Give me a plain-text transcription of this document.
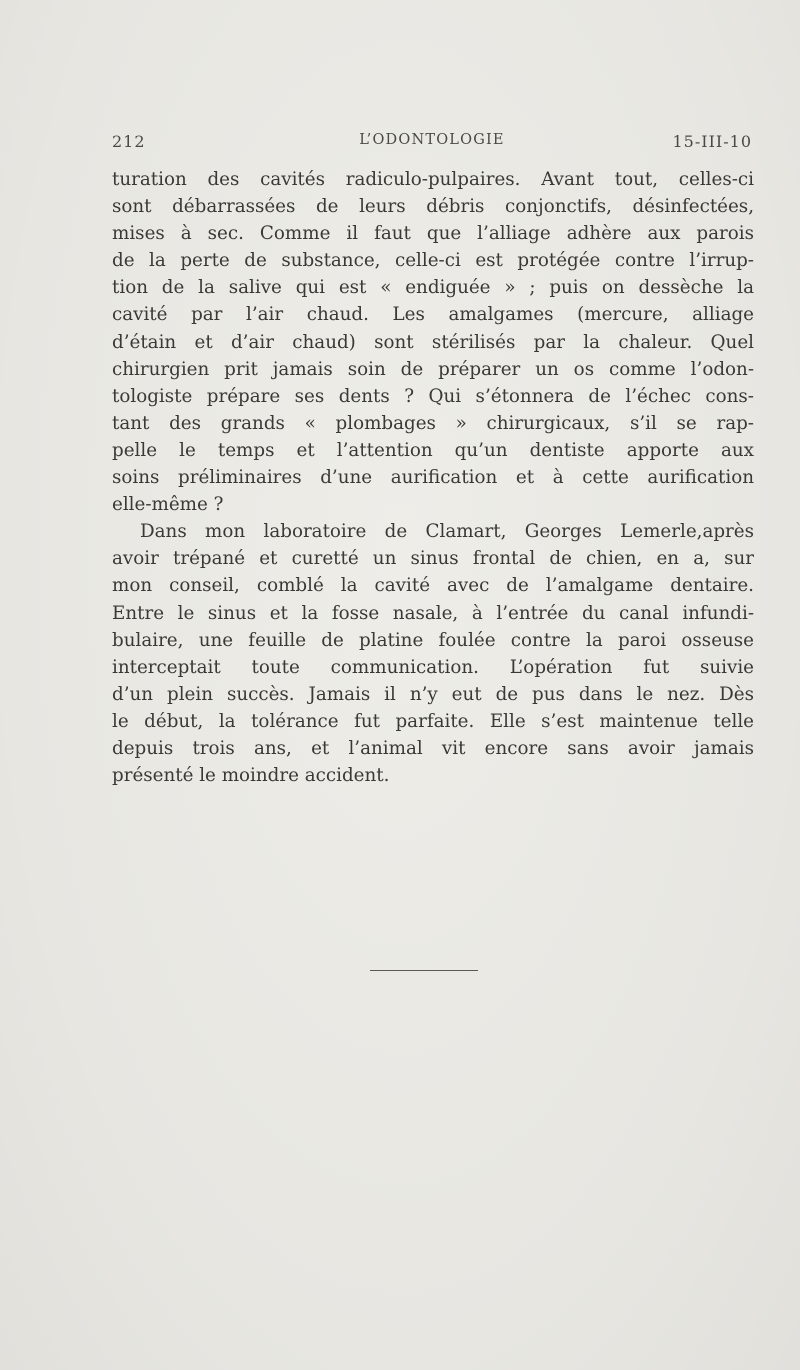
212	L’ODONTOLOGIE	15-III-10
turation des cavités radiculo-pulpaires. Avant tout, celles-ci
sont débarrassées de leurs débris conjonctifs, désinfectées,
mises à sec. Comme il faut que l’alliage adhère aux parois
de la perte de substance, celle-ci est protégée contre l’irrup-
tion de la salive qui est « endiguée » ; puis on dessèche la
cavité par l’air chaud. Les amalgames (mercure, alliage
d’étain et d’air chaud) sont stérilisés par la chaleur. Quel
chirurgien prit jamais soin de préparer un os comme l’odon-
tologiste prépare ses dents ? Qui s’étonnera de l’échec cons-
tant des grands « plombages » chirurgicaux, s’il se rap-
pelle le temps et l’attention qu’un dentiste apporte aux
soins préliminaires d’une aurification et à cette aurification
elle-même ?
Dans mon laboratoire de Clamart, Georges Lemerle,après
avoir trépané et curetté un sinus frontal de chien, en a, sur
mon conseil, comblé la cavité avec de l’amalgame dentaire.
Entre le sinus et la fosse nasale, à l’entrée du canal infundi-
bulaire, une feuille de platine foulée contre la paroi osseuse
interceptait toute communication. L’opération fut suivie
d’un plein succès. Jamais il n’y eut de pus dans le nez. Dès
le début, la tolérance fut parfaite. Elle s’est maintenue telle
depuis trois ans, et l’animal vit encore sans avoir jamais
présenté le moindre accident.
